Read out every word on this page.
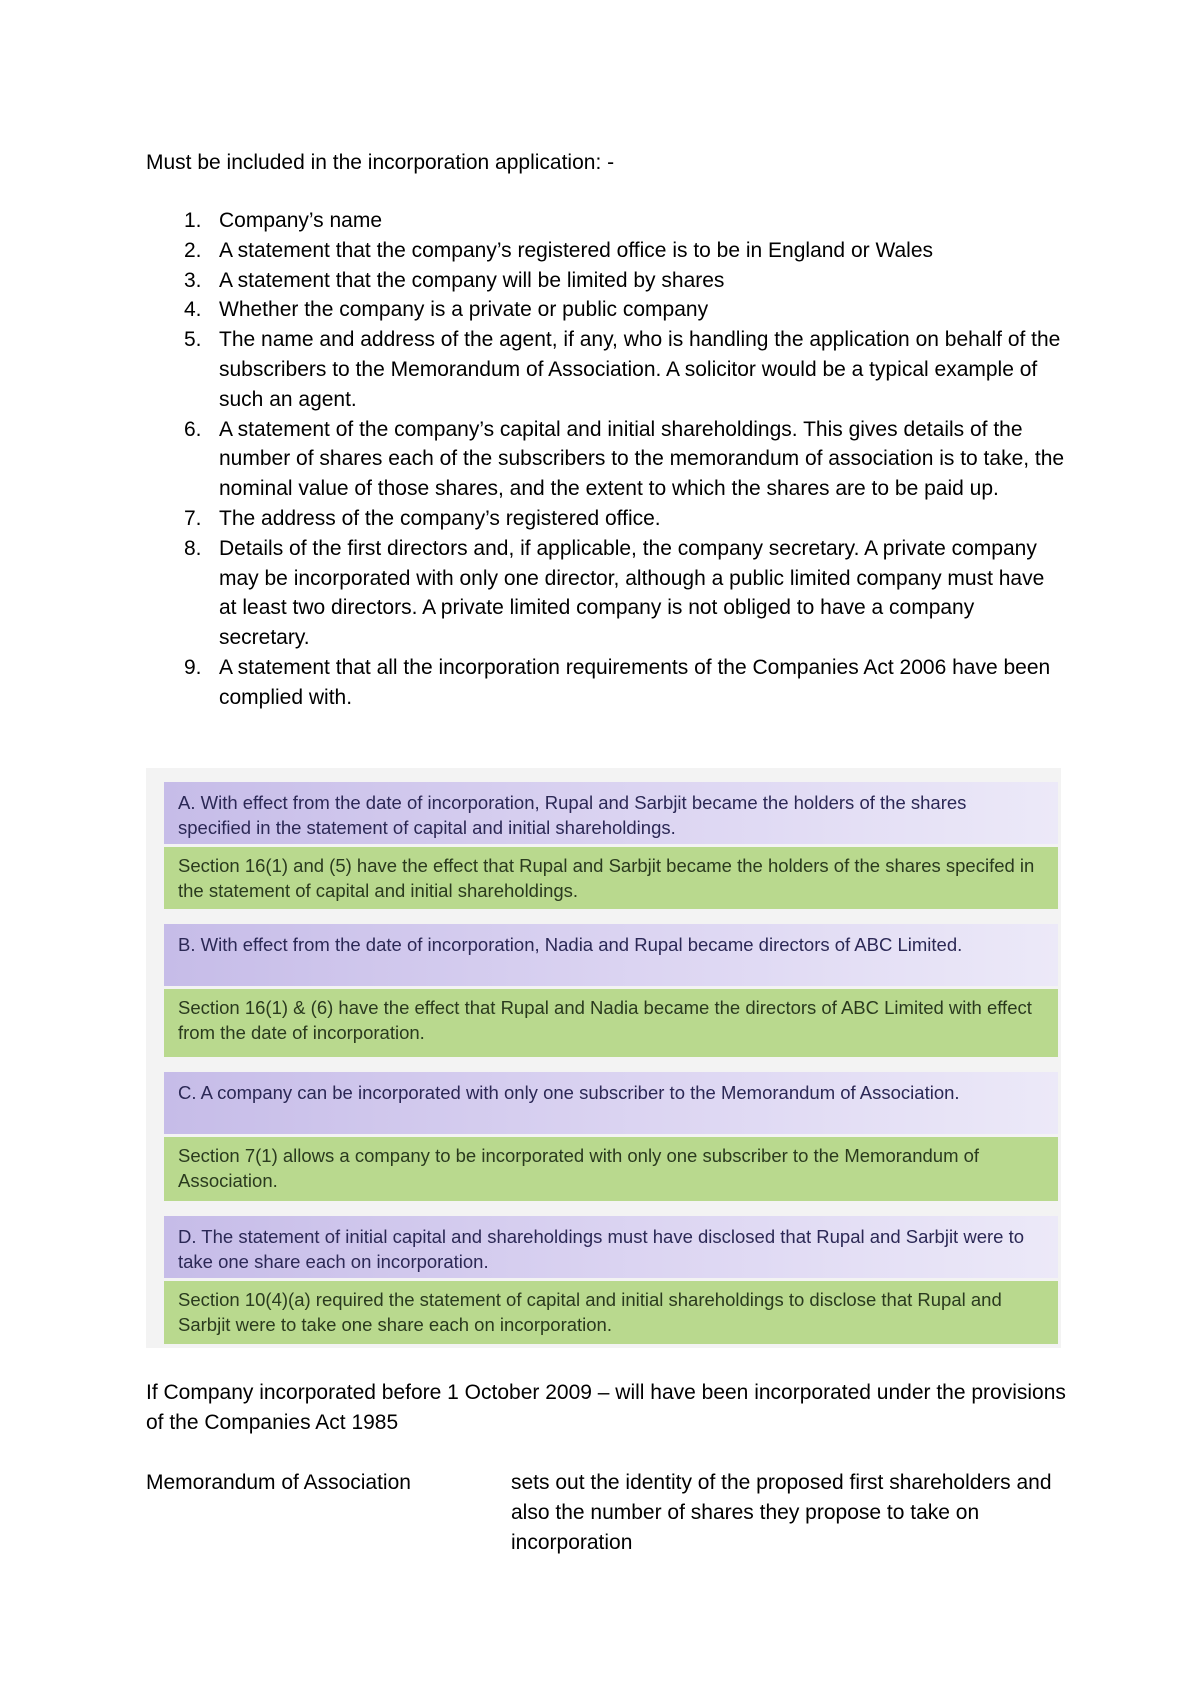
Must be included in the incorporation application: -

1. Company’s name
2. A statement that the company’s registered office is to be in England or Wales
3. A statement that the company will be limited by shares
4. Whether the company is a private or public company
5. The name and address of the agent, if any, who is handling the application on behalf of the subscribers to the Memorandum of Association. A solicitor would be a typical example of such an agent.
6. A statement of the company’s capital and initial shareholdings. This gives details of the number of shares each of the subscribers to the memorandum of association is to take, the nominal value of those shares, and the extent to which the shares are to be paid up.
7. The address of the company’s registered office.
8. Details of the first directors and, if applicable, the company secretary. A private company may be incorporated with only one director, although a public limited company must have at least two directors. A private limited company is not obliged to have a company secretary.
9. A statement that all the incorporation requirements of the Companies Act 2006 have been complied with.
A. With effect from the date of incorporation, Rupal and Sarbjit became the holders of the shares specified in the statement of capital and initial shareholdings.
Section 16(1) and (5) have the effect that Rupal and Sarbjit became the holders of the shares specifed in the statement of capital and initial shareholdings.
B. With effect from the date of incorporation, Nadia and Rupal became directors of ABC Limited.
Section 16(1) & (6) have the effect that Rupal and Nadia became the directors of ABC Limited with effect from the date of incorporation.
C. A company can be incorporated with only one subscriber to the Memorandum of Association.
Section 7(1) allows a company to be incorporated with only one subscriber to the Memorandum of Association.
D. The statement of initial capital and shareholdings must have disclosed that Rupal and Sarbjit were to take one share each on incorporation.
Section 10(4)(a) required the statement of capital and initial shareholdings to disclose that Rupal and Sarbjit were to take one share each on incorporation.

If Company incorporated before 1 October 2009 – will have been incorporated under the provisions of the Companies Act 1985

Memorandum of Association	sets out the identity of the proposed first shareholders and also the number of shares they propose to take on incorporation
